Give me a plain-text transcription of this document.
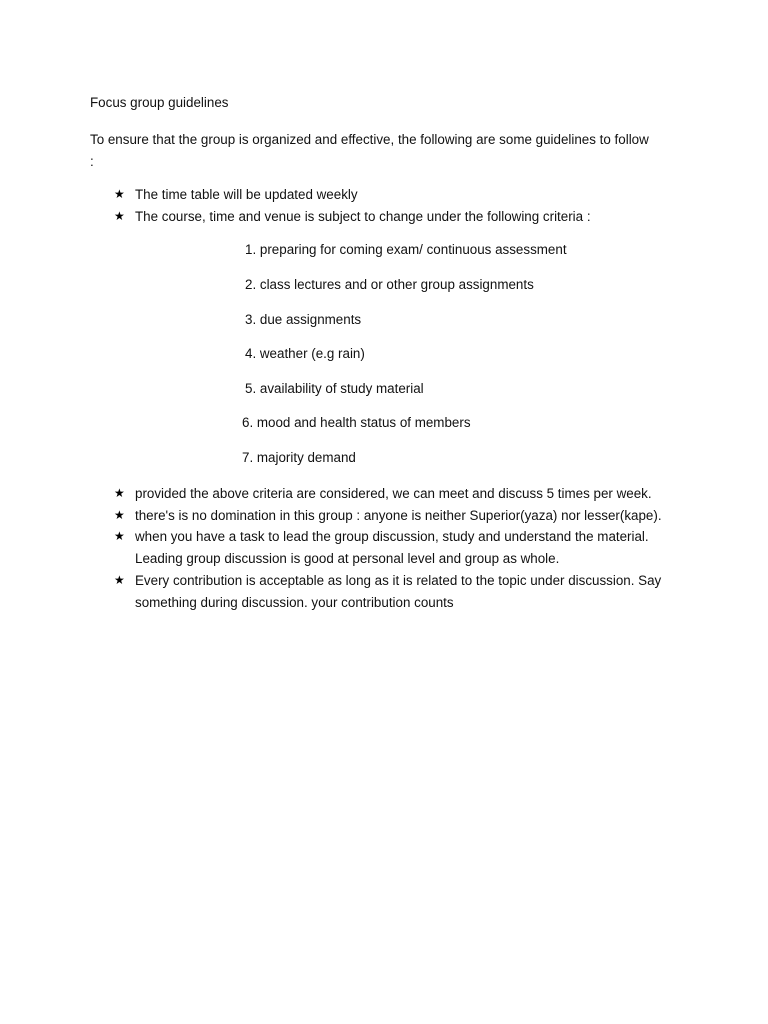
Focus group guidelines
To ensure that the group is organized and effective, the following are some guidelines to follow :
★ The time table will be updated weekly
★ The course, time and venue is subject to change under the following criteria :
1. preparing for coming exam/ continuous assessment
2. class lectures and or other group assignments
3. due assignments
4. weather (e.g rain)
5. availability of study material
6. mood and health status of members
7. majority demand
★ provided the above criteria are considered, we can meet and discuss 5 times per week.
★ there's is no domination in this group : anyone is neither Superior(yaza) nor lesser(kape).
★ when you have a task to lead the group discussion, study and understand the material. Leading group discussion is good at personal level and group as whole.
★ Every contribution is acceptable as long as it is related to the topic under discussion. Say something during discussion. your contribution counts
